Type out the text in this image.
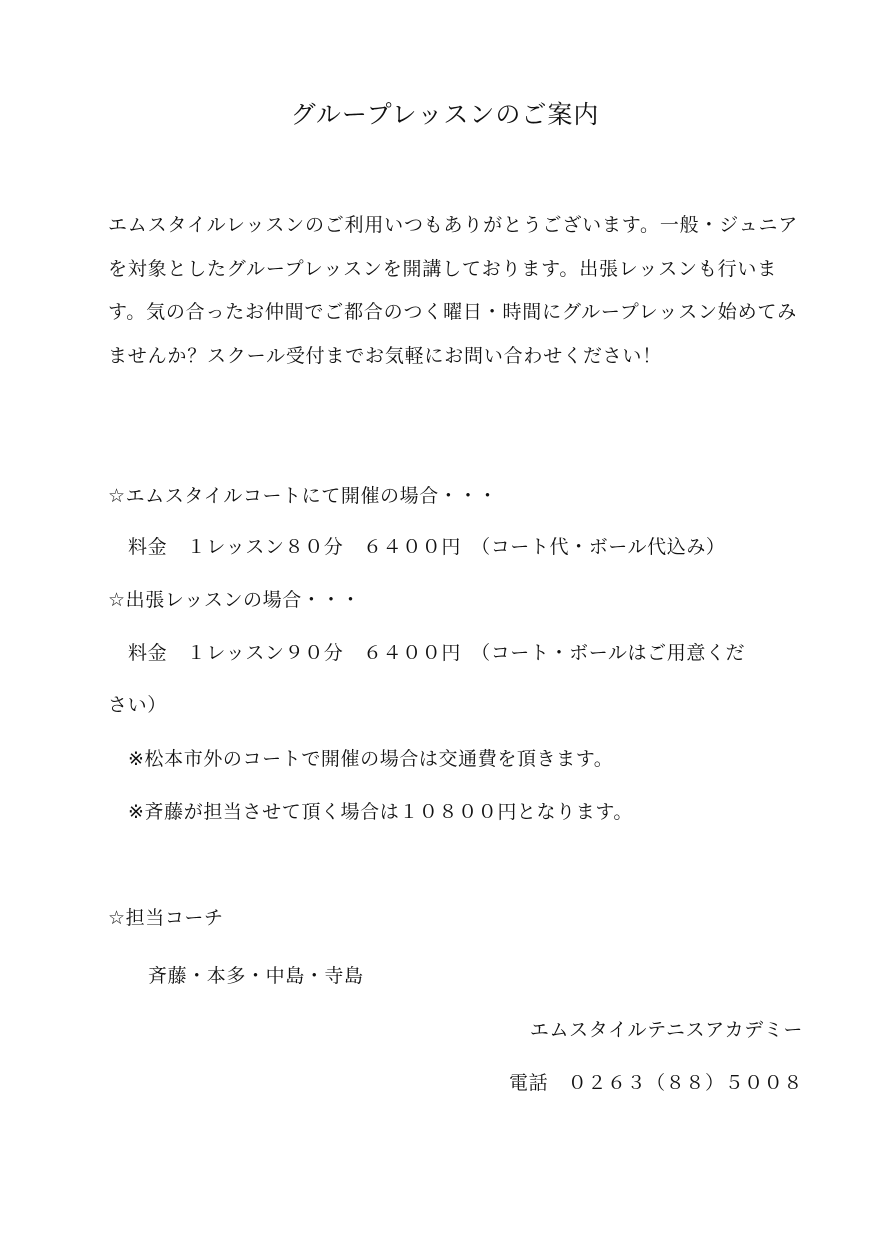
グループレッスンのご案内

エムスタイルレッスンのご利用いつもありがとうございます。一般・ジュニアを対象としたグループレッスンを開講しております。出張レッスンも行います。気の合ったお仲間でご都合のつく曜日・時間にグループレッスン始めてみませんか？スクール受付までお気軽にお問い合わせください！

☆エムスタイルコートにて開催の場合・・・

料金　１レッスン８０分　６４００円　（コート代・ボール代込み）

☆出張レッスンの場合・・・

料金　１レッスン９０分　６４００円　（コート・ボールはご用意くだ

さい）

※松本市外のコートで開催の場合は交通費を頂きます。

※斉藤が担当させて頂く場合は１０８００円となります。

☆担当コーチ

斉藤・本多・中島・寺島

エムスタイルテニスアカデミー

電話　０２６３（８８）５００８
